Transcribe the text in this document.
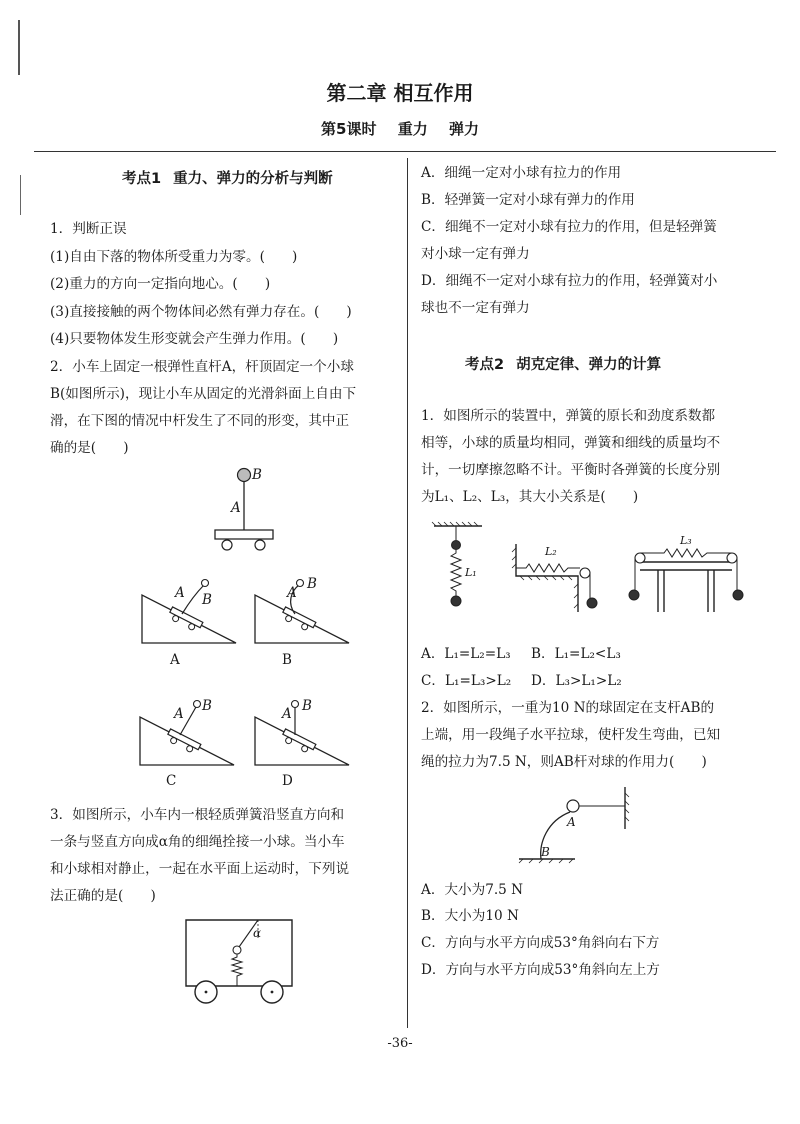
第二章 相互作用
第5课时 重力 弹力
考点1 重力、弹力的分析与判断
1．判断正误
(1)自由下落的物体所受重力为零。(　　)
(2)重力的方向一定指向地心。(　　)
(3)直接接触的两个物体间必然有弹力存在。(　　)
(4)只要物体发生形变就会产生弹力作用。(　　)
2．小车上固定一根弹性直杆A，杆顶固定一个小球
B(如图所示)，现让小车从固定的光滑斜面上自由下
滑，在下图的情况中杆发生了不同的形变，其中正
确的是(　　)
B
A
A B
A
A
B
B
A B
C
A B
D
3．如图所示，小车内一根轻质弹簧沿竖直方向和
一条与竖直方向成α角的细绳拴接一小球。当小车
和小球相对静止，一起在水平面上运动时，下列说
法正确的是(　　)
α
A．细绳一定对小球有拉力的作用
B．轻弹簧一定对小球有弹力的作用
C．细绳不一定对小球有拉力的作用，但是轻弹簧
对小球一定有弹力
D．细绳不一定对小球有拉力的作用，轻弹簧对小
球也不一定有弹力
考点2 胡克定律、弹力的计算
1．如图所示的装置中，弹簧的原长和劲度系数都
相等，小球的质量均相同，弹簧和细线的质量均不
计，一切摩擦忽略不计。平衡时各弹簧的长度分别
为L₁、L₂、L₃，其大小关系是(　　)
L₁
L₂
L₃
A．L₁=L₂=L₃ B．L₁=L₂<L₃
C．L₁=L₃>L₂ D．L₃>L₁>L₂
2．如图所示，一重为10 N的球固定在支杆AB的
上端，用一段绳子水平拉球，使杆发生弯曲，已知
绳的拉力为7.5 N，则AB杆对球的作用力(　　)
A
B
A．大小为7.5 N
B．大小为10 N
C．方向与水平方向成53°角斜向右下方
D．方向与水平方向成53°角斜向左上方
-36-
